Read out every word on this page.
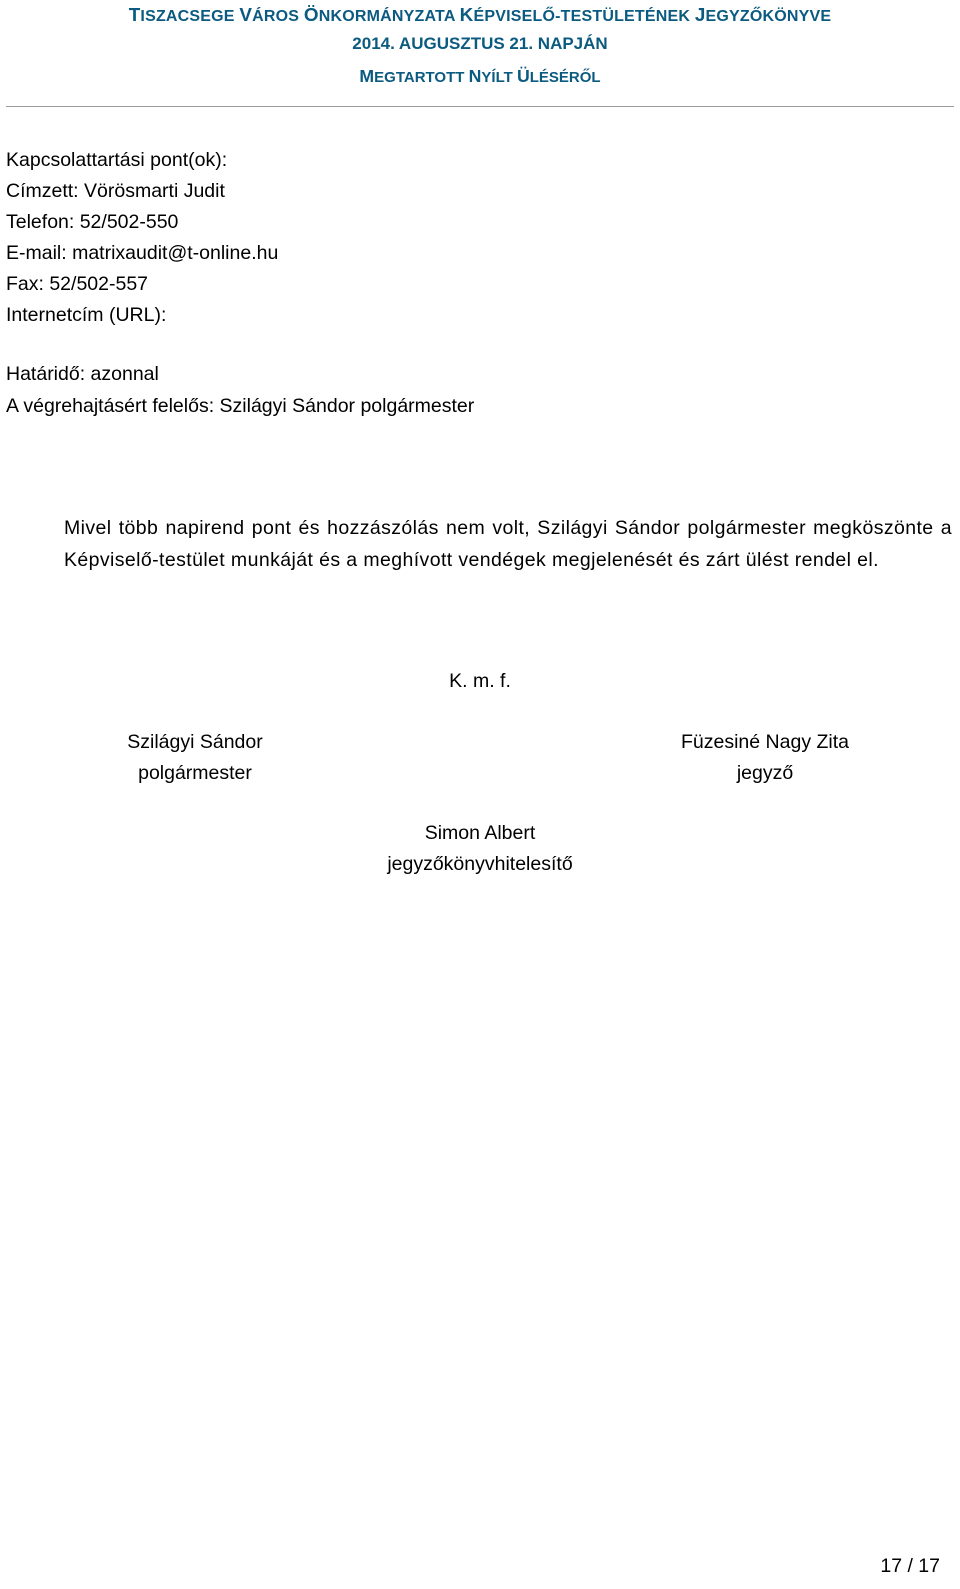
TISZACSEGE VÁROS ÖNKORMÁNYZATA KÉPVISELŐ-TESTÜLETÉNEK JEGYZŐKÖNYVE
2014. AUGUSZTUS 21. NAPJÁN
MEGTARTOTT NYÍLT ÜLÉSÉRŐL
Kapcsolattartási pont(ok):
Címzett: Vörösmarti Judit
Telefon: 52/502-550
E-mail: matrixaudit@t-online.hu
Fax: 52/502-557
Internetcím (URL):
Határidő: azonnal
A végrehajtásért felelős: Szilágyi Sándor polgármester
Mivel több napirend pont és hozzászólás nem volt, Szilágyi Sándor polgármester megköszönte a Képviselő-testület munkáját és a meghívott vendégek megjelenését és zárt ülést rendel el.
K. m. f.
Szilágyi Sándor
polgármester
Füzesiné Nagy Zita
jegyző
Simon Albert
jegyzőkönyvhitelesítő
17 / 17
